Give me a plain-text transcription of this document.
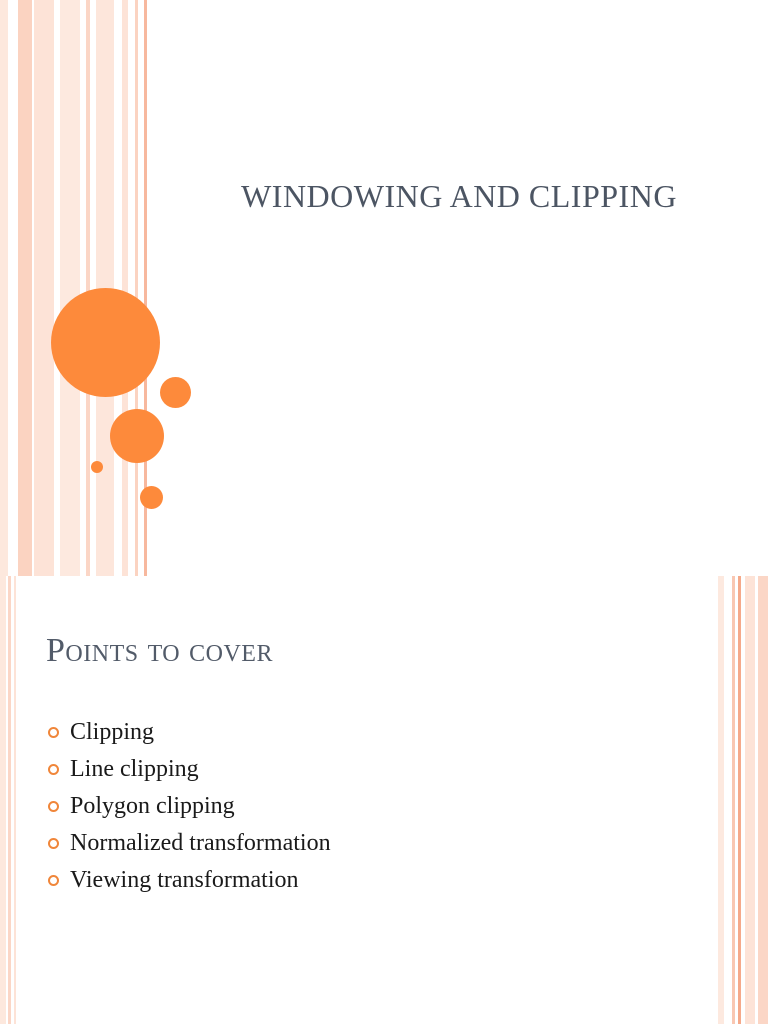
WINDOWING AND CLIPPING
Points to cover
Clipping
Line clipping
Polygon clipping
Normalized transformation
Viewing transformation
